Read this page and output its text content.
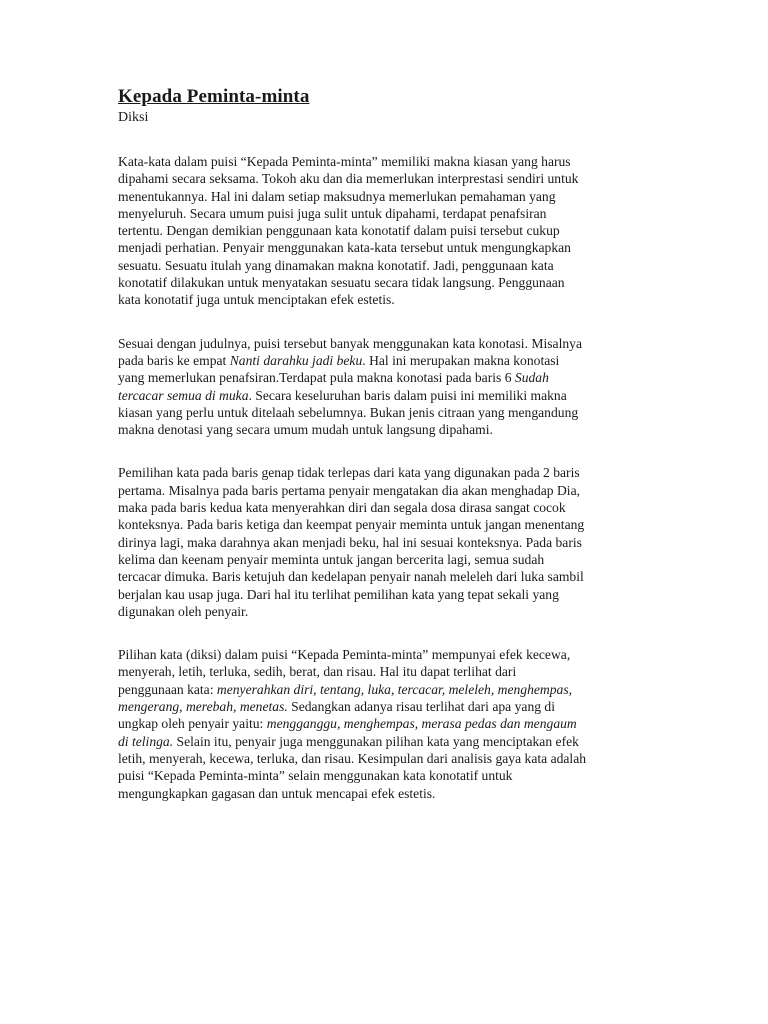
Kepada Peminta-minta
Diksi
Kata-kata dalam puisi “Kepada Peminta-minta” memiliki makna kiasan yang harus
dipahami secara seksama. Tokoh aku dan dia memerlukan interprestasi sendiri untuk
menentukannya. Hal ini dalam setiap maksudnya memerlukan pemahaman yang
menyeluruh. Secara umum puisi juga sulit untuk dipahami, terdapat penafsiran
tertentu. Dengan demikian penggunaan kata konotatif dalam puisi tersebut cukup
menjadi perhatian. Penyair menggunakan kata-kata tersebut untuk mengungkapkan
sesuatu. Sesuatu itulah yang dinamakan makna konotatif. Jadi, penggunaan kata
konotatif dilakukan untuk menyatakan sesuatu secara tidak langsung. Penggunaan
kata konotatif juga untuk menciptakan efek estetis.
Sesuai dengan judulnya, puisi tersebut banyak menggunakan kata konotasi. Misalnya
pada baris ke empat Nanti darahku jadi beku. Hal ini merupakan makna konotasi
yang memerlukan penafsiran.Terdapat pula makna konotasi pada baris 6 Sudah
tercacar semua di muka. Secara keseluruhan baris dalam puisi ini memiliki makna
kiasan yang perlu untuk ditelaah sebelumnya. Bukan jenis citraan yang mengandung
makna denotasi yang secara umum mudah untuk langsung dipahami.
Pemilihan kata pada baris genap tidak terlepas dari kata yang digunakan pada 2 baris
pertama. Misalnya pada baris pertama penyair mengatakan dia akan menghadap Dia,
maka pada baris kedua kata menyerahkan diri dan segala dosa dirasa sangat cocok
konteksnya. Pada baris ketiga dan keempat penyair meminta untuk jangan menentang
dirinya lagi, maka darahnya akan menjadi beku, hal ini sesuai konteksnya. Pada baris
kelima dan keenam penyair meminta untuk jangan bercerita lagi, semua sudah
tercacar dimuka. Baris ketujuh dan kedelapan penyair nanah meleleh dari luka sambil
berjalan kau usap juga. Dari hal itu terlihat pemilihan kata yang tepat sekali yang
digunakan oleh penyair.
Pilihan kata (diksi) dalam puisi “Kepada Peminta-minta” mempunyai efek kecewa,
menyerah, letih, terluka, sedih, berat, dan risau. Hal itu dapat terlihat dari
penggunaan kata: menyerahkan diri, tentang, luka, tercacar, meleleh, menghempas,
mengerang, merebah, menetas. Sedangkan adanya risau terlihat dari apa yang di
ungkap oleh penyair yaitu: mengganggu, menghempas, merasa pedas dan mengaum
di telinga. Selain itu, penyair juga menggunakan pilihan kata yang menciptakan efek
letih, menyerah, kecewa, terluka, dan risau. Kesimpulan dari analisis gaya kata adalah
puisi “Kepada Peminta-minta” selain menggunakan kata konotatif untuk
mengungkapkan gagasan dan untuk mencapai efek estetis.
